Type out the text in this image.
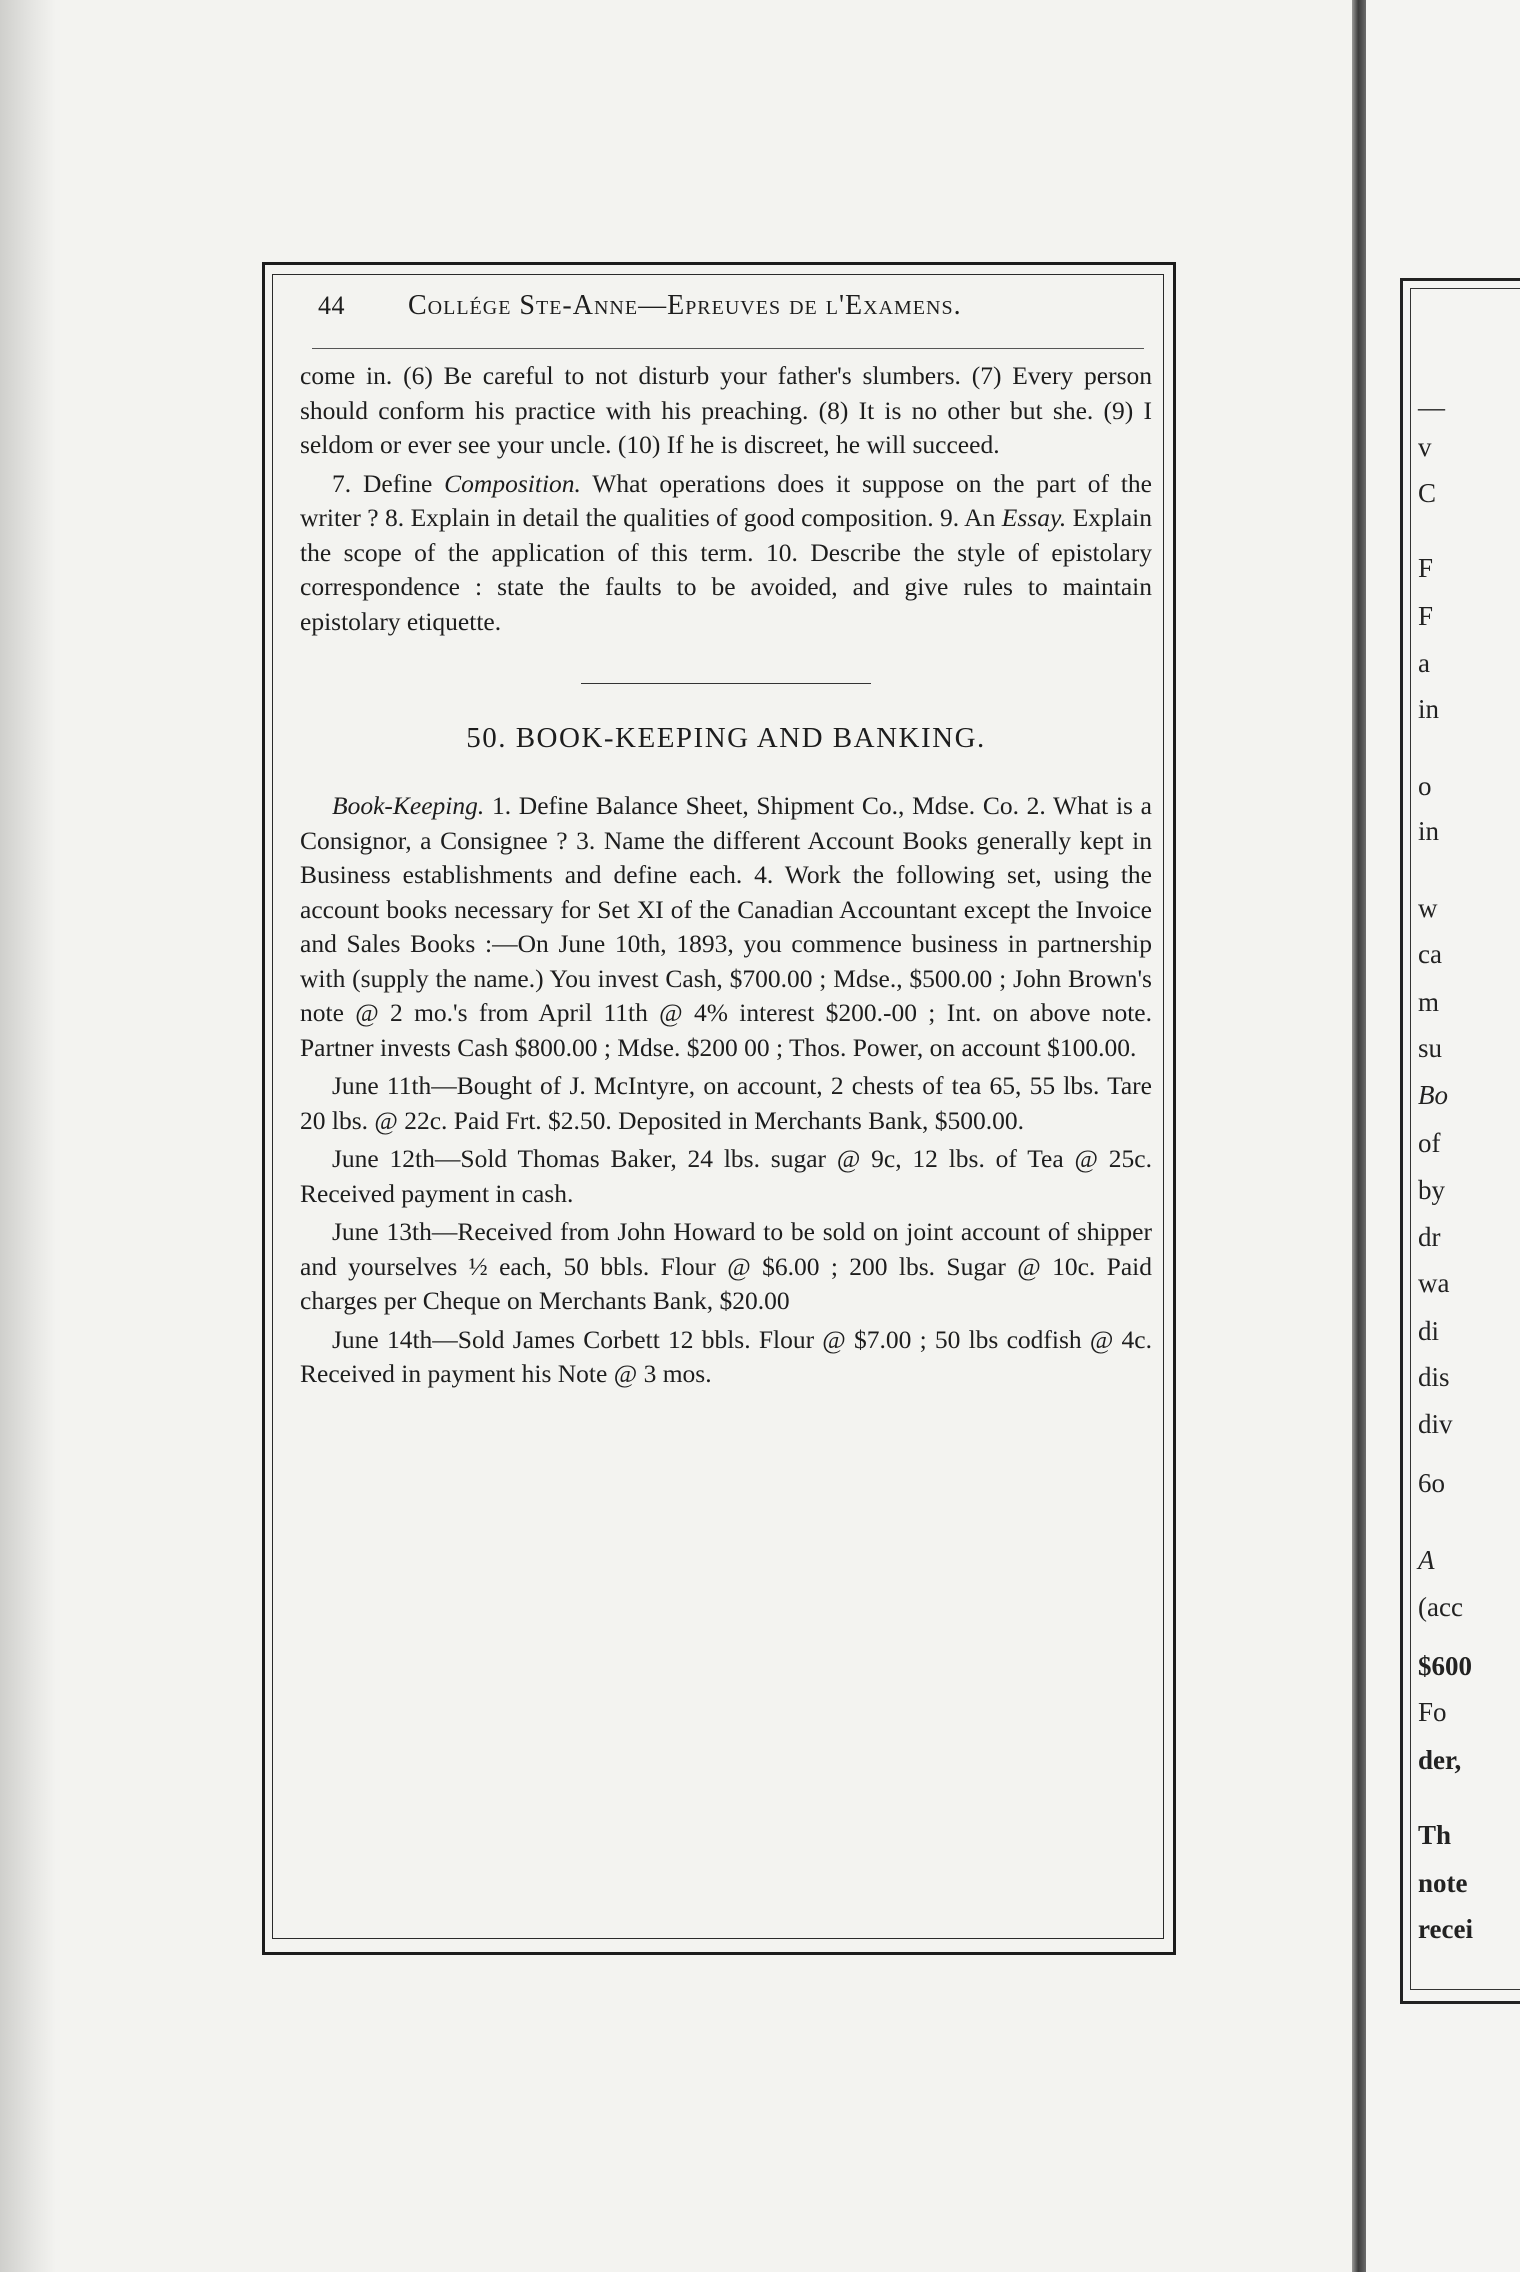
44	Collége Ste-Anne—Epreuves de l'Examens.

come in. (6) Be careful to not disturb your father's slumbers. (7) Every person should conform his practice with his preaching. (8) It is no other but she. (9) I seldom or ever see your uncle. (10) If he is discreet, he will succeed.

7. Define Composition. What operations does it suppose on the part of the writer ? 8. Explain in detail the qualities of good composition. 9. An Essay. Explain the scope of the application of this term. 10. Describe the style of epistolary correspondence : state the faults to be avoided, and give rules to maintain epistolary etiquette.

50. BOOK-KEEPING AND BANKING.

Book-Keeping. 1. Define Balance Sheet, Shipment Co., Mdse. Co. 2. What is a Consignor, a Consignee ? 3. Name the different Account Books generally kept in Business establishments and define each. 4. Work the following set, using the account books necessary for Set XI of the Canadian Accountant except the Invoice and Sales Books :—On June 10th, 1893, you commence business in partnership with (supply the name.) You invest Cash, $700.00 ; Mdse., $500.00 ; John Brown's note @ 2 mo.'s from April 11th @ 4% interest $200.-00 ; Int. on above note. Partner invests Cash $800.00 ; Mdse. $200 00 ; Thos. Power, on account $100.00.

June 11th—Bought of J. McIntyre, on account, 2 chests of tea 65, 55 lbs. Tare 20 lbs. @ 22c. Paid Frt. $2.50. Deposited in Merchants Bank, $500.00.

June 12th—Sold Thomas Baker, 24 lbs. sugar @ 9c, 12 lbs. of Tea @ 25c. Received payment in cash.

June 13th—Received from John Howard to be sold on joint account of shipper and yourselves ½ each, 50 bbls. Flour @ $6.00 ; 200 lbs. Sugar @ 10c. Paid charges per Cheque on Merchants Bank, $20.00

June 14th—Sold James Corbett 12 bbls. Flour @ $7.00 ; 50 lbs codfish @ 4c. Received in payment his Note @ 3 mos.

—
v
C
F
F
a
in
o
in
w
ca
m
su
Bo
of
by
dr
wa
di
dis
div
6o
A
(acc
$600
Fo
der,
Th
note
recei
